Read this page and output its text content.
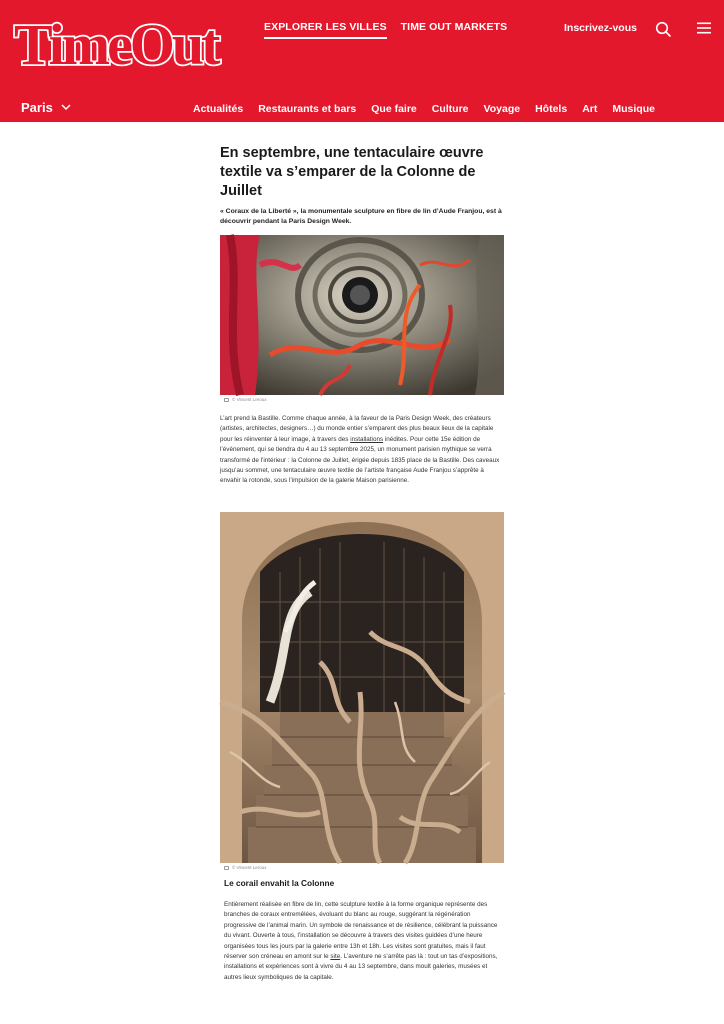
TimeOut	EXPLORER LES VILLES TIME OUT MARKETS	Inscrivez-vous
Paris	Actualités Restaurants et bars Que faire Culture Voyage Hôtels Art Musique
En septembre, une tentaculaire œuvre textile va s’emparer de la Colonne de Juillet

« Coraux de la Liberté », la monumentale sculpture en fibre de lin d’Aude Franjou, est à découvrir pendant la Paris Design Week.

© Vincent Leroux

L’art prend la Bastille. Comme chaque année, à la faveur de la Paris Design Week, des créateurs (artistes, architectes, designers…) du monde entier s’emparent des plus beaux lieux de la capitale pour les réinventer à leur image, à travers des installations inédites. Pour cette 15e édition de l’événement, qui se tiendra du 4 au 13 septembre 2025, un monument parisien mythique se verra transformé de l’intérieur : la Colonne de Juillet, érigée depuis 1835 place de la Bastille. Des caveaux jusqu’au sommet, une tentaculaire œuvre textile de l’artiste française Aude Franjou s’apprête à envahir la rotonde, sous l’impulsion de la galerie Maison parisienne.

© Vincent Leroux
Le corail envahit la Colonne

Entièrement réalisée en fibre de lin, cette sculpture textile à la forme organique représente des branches de coraux entremêlées, évoluant du blanc au rouge, suggérant la régénération progressive de l’animal marin. Un symbole de renaissance et de résilience, célébrant la puissance du vivant. Ouverte à tous, l’installation se découvre à travers des visites guidées d’une heure organisées tous les jours par la galerie entre 13h et 18h. Les visites sont gratuites, mais il faut réserver son créneau en amont sur le site. L’aventure ne s’arrête pas là : tout un tas d’expositions, installations et expériences sont à vivre du 4 au 13 septembre, dans moult galeries, musées et autres lieux symboliques de la capitale.
